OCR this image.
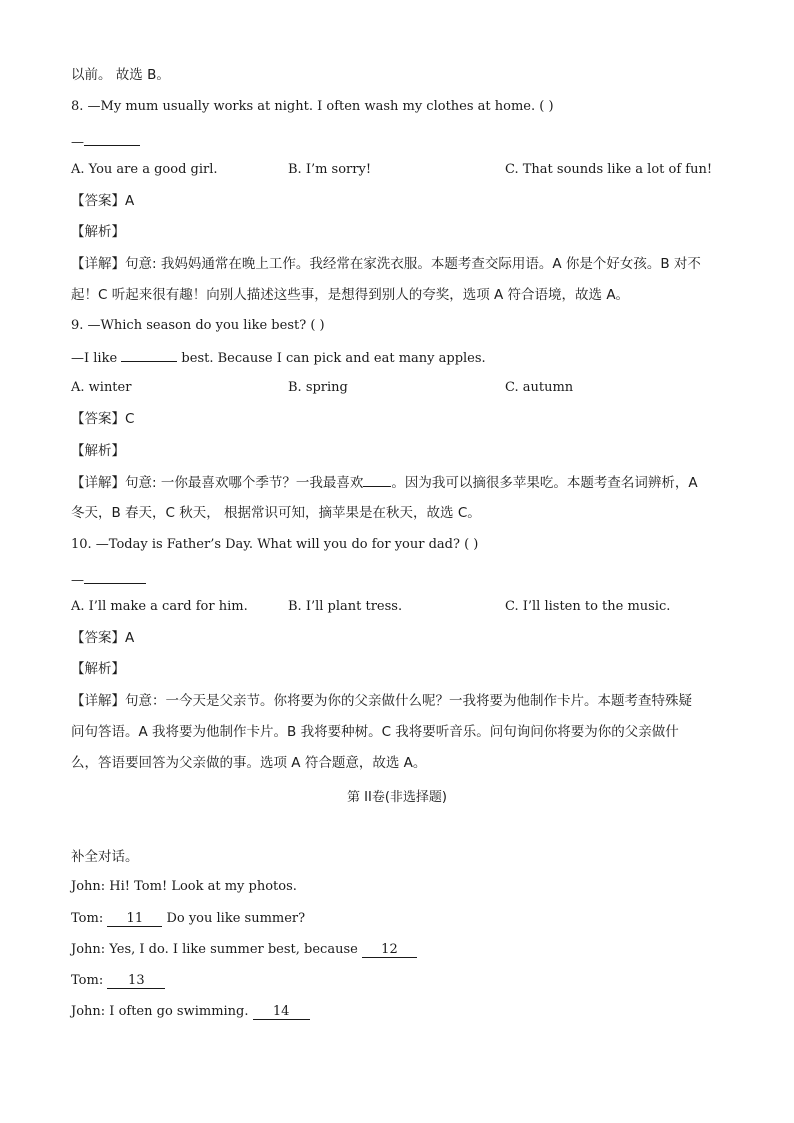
以前。 故选 B。
8. —My mum usually works at night. I often wash my clothes at home. ( )
—
A. You are a good girl.	B. I’m sorry!	C. That sounds like a lot of fun!
【答案】A
【解析】
【详解】句意: 我妈妈通常在晚上工作。我经常在家洗衣服。本题考查交际用语。A 你是个好女孩。B 对不
起！C 听起来很有趣！向别人描述这些事，是想得到别人的夸奖，选项 A 符合语境，故选 A。
9. —Which season do you like best? ( )
—I like	best. Because I can pick and eat many apples.
A. winter	B. spring	C. autumn
【答案】C
【解析】
【详解】句意: 一你最喜欢哪个季节？一我最喜欢 。因为我可以摘很多苹果吃。本题考查名词辨析，A
冬天，B 春天，C 秋天， 根据常识可知，摘苹果是在秋天，故选 C。
10. —Today is Father’s Day. What will you do for your dad? ( )
—
A. I’ll make a card for him.	B. I’ll plant tress.	C. I’ll listen to the music.
【答案】A
【解析】
【详解】句意：一今天是父亲节。你将要为你的父亲做什么呢？一我将要为他制作卡片。本题考查特殊疑
问句答语。A 我将要为他制作卡片。B 我将要种树。C 我将要听音乐。问句询问你将要为你的父亲做什
么，答语要回答为父亲做的事。选项 A 符合题意，故选 A。
第 II卷(非选择题)
补全对话。
John: Hi! Tom! Look at my photos.
Tom: 11 Do you like summer?
John: Yes, I do. I like summer best, because 12
Tom: 13
John: I often go swimming. 14
